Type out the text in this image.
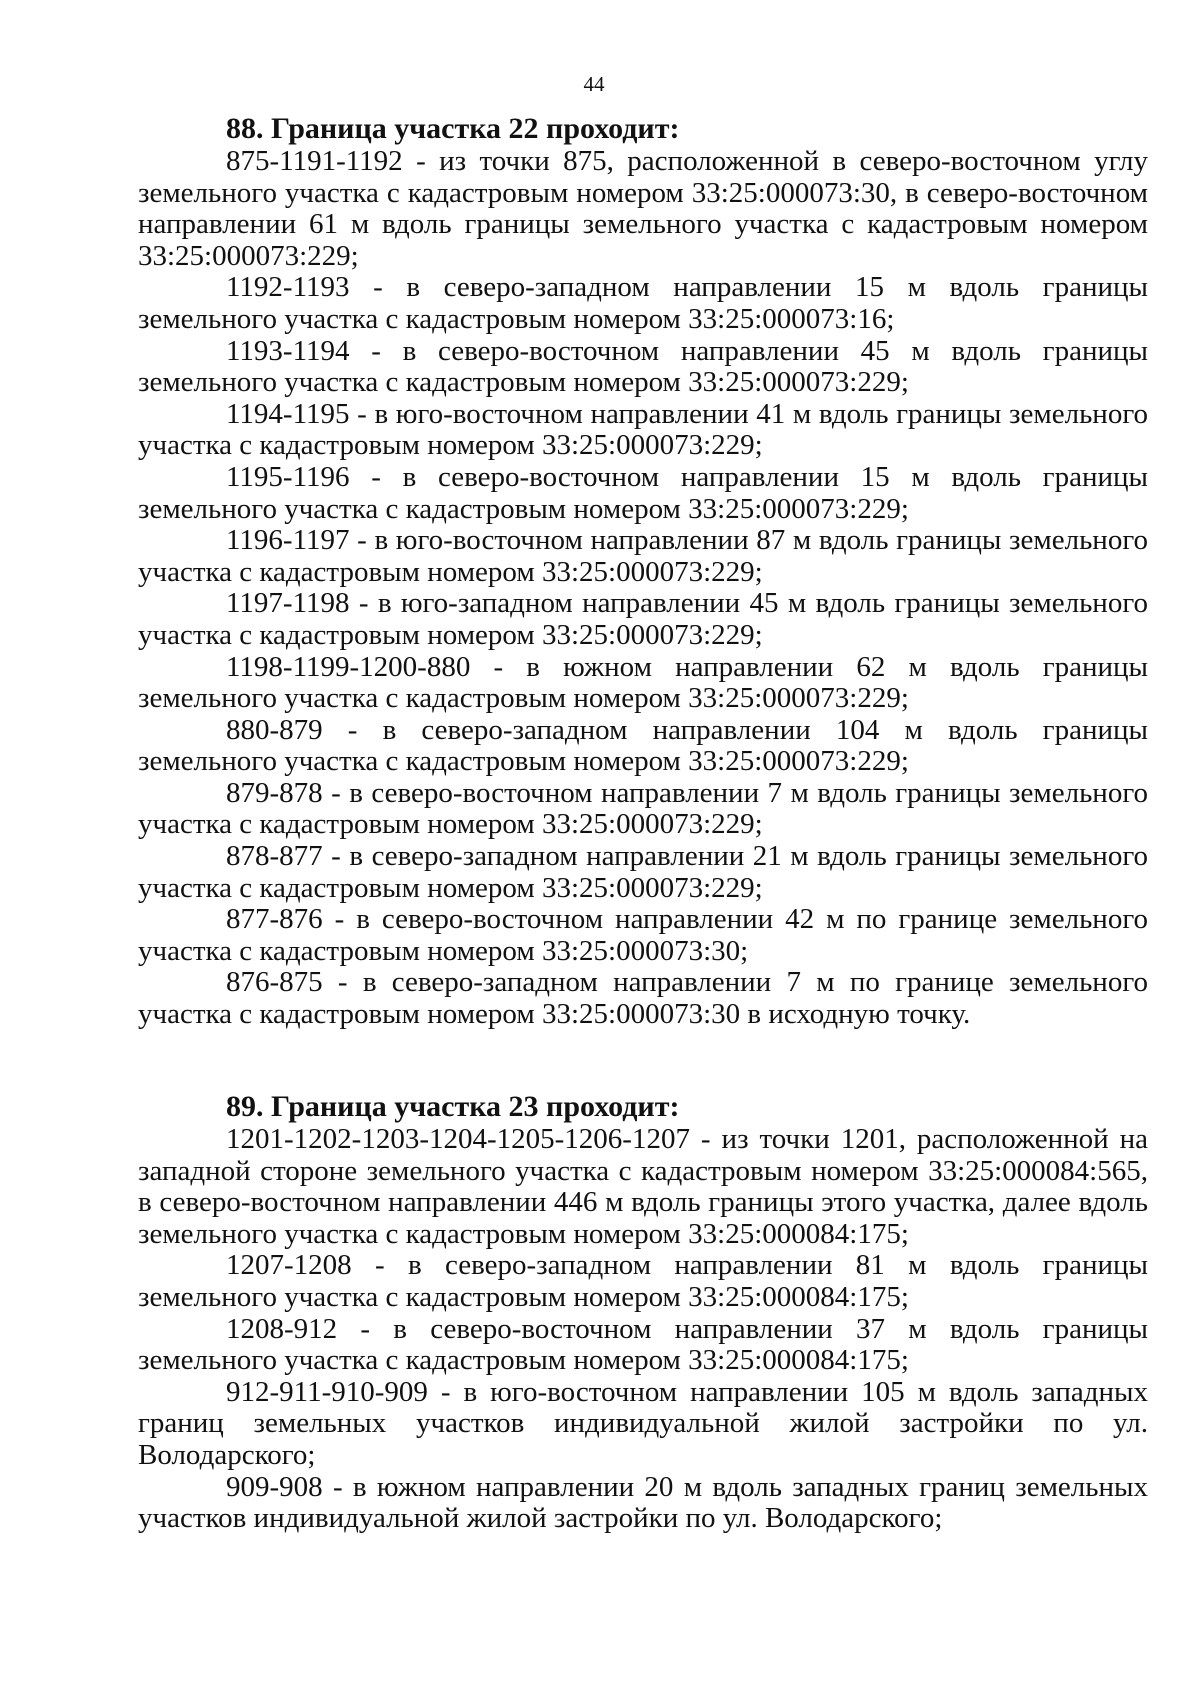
44
88. Граница участка 22 проходит:

875-1191-1192 - из точки 875, расположенной в северо-восточном углу земельного участка с кадастровым номером 33:25:000073:30, в северо-восточном направлении 61 м вдоль границы земельного участка с кадастровым номером 33:25:000073:229;

1192-1193 - в северо-западном направлении 15 м вдоль границы земельного участка с кадастровым номером 33:25:000073:16;

1193-1194 - в северо-восточном направлении 45 м вдоль границы земельного участка с кадастровым номером 33:25:000073:229;

1194-1195 - в юго-восточном направлении 41 м вдоль границы земельного участка с кадастровым номером 33:25:000073:229;

1195-1196 - в северо-восточном направлении 15 м вдоль границы земельного участка с кадастровым номером 33:25:000073:229;

1196-1197 - в юго-восточном направлении 87 м вдоль границы земельного участка с кадастровым номером 33:25:000073:229;

1197-1198 - в юго-западном направлении 45 м вдоль границы земельного участка с кадастровым номером 33:25:000073:229;

1198-1199-1200-880 - в южном направлении 62 м вдоль границы земельного участка с кадастровым номером 33:25:000073:229;

880-879 - в северо-западном направлении 104 м вдоль границы земельного участка с кадастровым номером 33:25:000073:229;

879-878 - в северо-восточном направлении 7 м вдоль границы земельного участка с кадастровым номером 33:25:000073:229;

878-877 - в северо-западном направлении 21 м вдоль границы земельного участка с кадастровым номером 33:25:000073:229;

877-876 - в северо-восточном направлении 42 м по границе земельного участка с кадастровым номером 33:25:000073:30;

876-875 - в северо-западном направлении 7 м по границе земельного участка с кадастровым номером 33:25:000073:30 в исходную точку.

89. Граница участка 23 проходит:

1201-1202-1203-1204-1205-1206-1207 - из точки 1201, расположенной на западной стороне земельного участка с кадастровым номером 33:25:000084:565, в северо-восточном направлении 446 м вдоль границы этого участка, далее вдоль земельного участка с кадастровым номером 33:25:000084:175;

1207-1208 - в северо-западном направлении 81 м вдоль границы земельного участка с кадастровым номером 33:25:000084:175;

1208-912 - в северо-восточном направлении 37 м вдоль границы земельного участка с кадастровым номером 33:25:000084:175;

912-911-910-909 - в юго-восточном направлении 105 м вдоль западных границ земельных участков индивидуальной жилой застройки по ул. Володарского;

909-908 - в южном направлении 20 м вдоль западных границ земельных участков индивидуальной жилой застройки по ул. Володарского;
